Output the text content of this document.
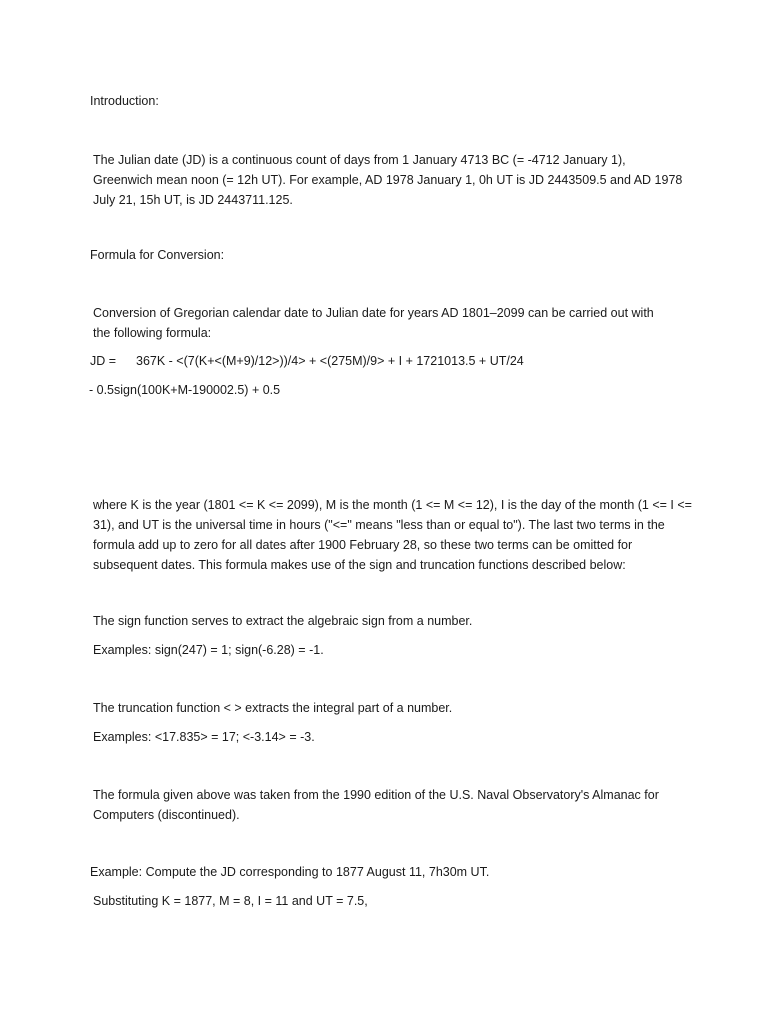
Introduction:

The Julian date (JD) is a continuous count of days from 1 January 4713 BC (= -4712 January 1), Greenwich mean noon (= 12h UT). For example, AD 1978 January 1, 0h UT is JD 2443509.5 and AD 1978 July 21, 15h UT, is JD 2443711.125.

Formula for Conversion:

Conversion of Gregorian calendar date to Julian date for years AD 1801–2099 can be carried out with the following formula:

JD = 367K - <(7(K+<(M+9)/12>))/4> + <(275M)/9> + I + 1721013.5 + UT/24

- 0.5sign(100K+M-190002.5) + 0.5

where K is the year (1801 <= K <= 2099), M is the month (1 <= M <= 12), I is the day of the month (1 <= I <= 31), and UT is the universal time in hours ("<=" means "less than or equal to"). The last two terms in the formula add up to zero for all dates after 1900 February 28, so these two terms can be omitted for subsequent dates. This formula makes use of the sign and truncation functions described below:

The sign function serves to extract the algebraic sign from a number.

Examples: sign(247) = 1; sign(-6.28) = -1.

The truncation function < > extracts the integral part of a number.

Examples: <17.835> = 17; <-3.14> = -3.

The formula given above was taken from the 1990 edition of the U.S. Naval Observatory's Almanac for Computers (discontinued).

Example: Compute the JD corresponding to 1877 August 11, 7h30m UT.

Substituting K = 1877, M = 8, I = 11 and UT = 7.5,
